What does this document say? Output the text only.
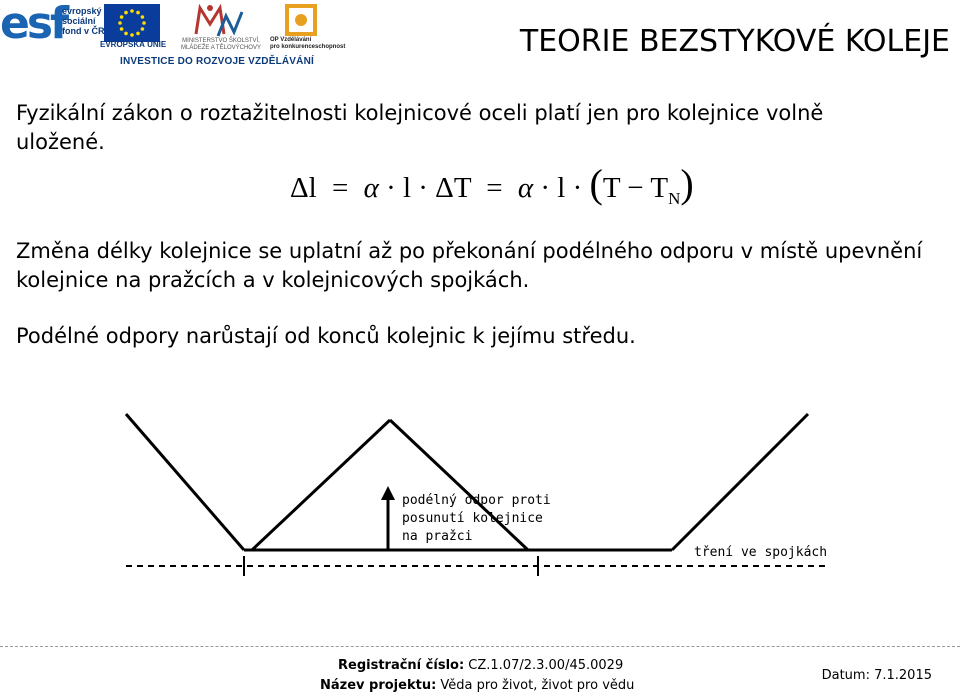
esf
evropský
sociální
fond v ČR
EVROPSKÁ UNIE	MINISTERSTVO ŠKOLSTVÍ,
MLÁDEŽE A TĚLOVÝCHOVY
OP Vzdělávání
pro konkurenceschopnost
INVESTICE DO ROZVOJE VZDĚLÁVÁNÍ
TEORIE BEZSTYKOVÉ KOLEJE
Fyzikální zákon o roztažitelnosti kolejnicové oceli platí jen pro kolejnice volně uložené.
$\Delta l = \alpha \cdot l \cdot \Delta T = \alpha \cdot l \cdot (T - T_N)$
Změna délky kolejnice se uplatní až po překonání podélného odporu v místě upevnění kolejnice na pražcích a v kolejnicových spojkách.
Podélné odpory narůstají od konců kolejnic k jejímu středu.
podélný odpor proti
posunutí kolejnice
na pražci
tření ve spojkách
Registrační číslo: CZ.1.07/2.3.00/45.0029
Název projektu: Věda pro život, život pro vědu
Datum: 7.1.2015
